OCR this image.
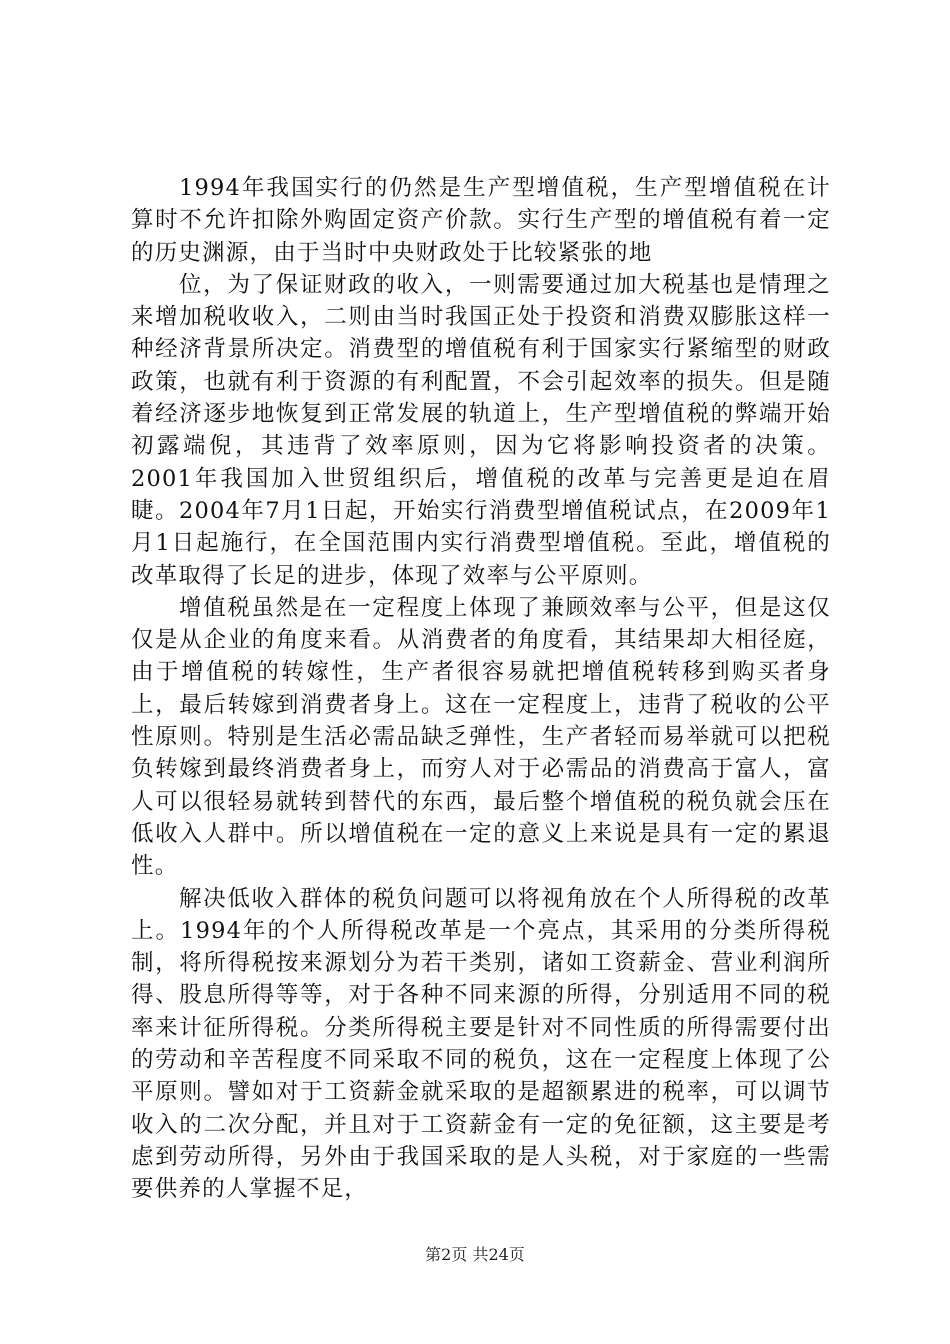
1994年我国实行的仍然是生产型增值税，生产型增值税在计算时不允许扣除外购固定资产价款。实行生产型的增值税有着一定的历史渊源，由于当时中央财政处于比较紧张的地

位，为了保证财政的收入，一则需要通过加大税基也是情理之来增加税收收入，二则由当时我国正处于投资和消费双膨胀这样一种经济背景所决定。消费型的增值税有利于国家实行紧缩型的财政政策，也就有利于资源的有利配置，不会引起效率的损失。但是随着经济逐步地恢复到正常发展的轨道上，生产型增值税的弊端开始初露端倪，其违背了效率原则，因为它将影响投资者的决策。2001年我国加入世贸组织后，增值税的改革与完善更是迫在眉睫。2004年7月1日起，开始实行消费型增值税试点，在2009年1月1日起施行，在全国范围内实行消费型增值税。至此，增值税的改革取得了长足的进步，体现了效率与公平原则。

增值税虽然是在一定程度上体现了兼顾效率与公平，但是这仅仅是从企业的角度来看。从消费者的角度看，其结果却大相径庭，由于增值税的转嫁性，生产者很容易就把增值税转移到购买者身上，最后转嫁到消费者身上。这在一定程度上，违背了税收的公平性原则。特别是生活必需品缺乏弹性，生产者轻而易举就可以把税负转嫁到最终消费者身上，而穷人对于必需品的消费高于富人，富人可以很轻易就转到替代的东西，最后整个增值税的税负就会压在低收入人群中。所以增值税在一定的意义上来说是具有一定的累退性。

解决低收入群体的税负问题可以将视角放在个人所得税的改革上。1994年的个人所得税改革是一个亮点，其采用的分类所得税制，将所得税按来源划分为若干类别，诸如工资薪金、营业利润所得、股息所得等等，对于各种不同来源的所得，分别适用不同的税率来计征所得税。分类所得税主要是针对不同性质的所得需要付出的劳动和辛苦程度不同采取不同的税负，这在一定程度上体现了公平原则。譬如对于工资薪金就采取的是超额累进的税率，可以调节收入的二次分配，并且对于工资薪金有一定的免征额，这主要是考虑到劳动所得，另外由于我国采取的是人头税，对于家庭的一些需要供养的人掌握不足，

第2页 共24页
